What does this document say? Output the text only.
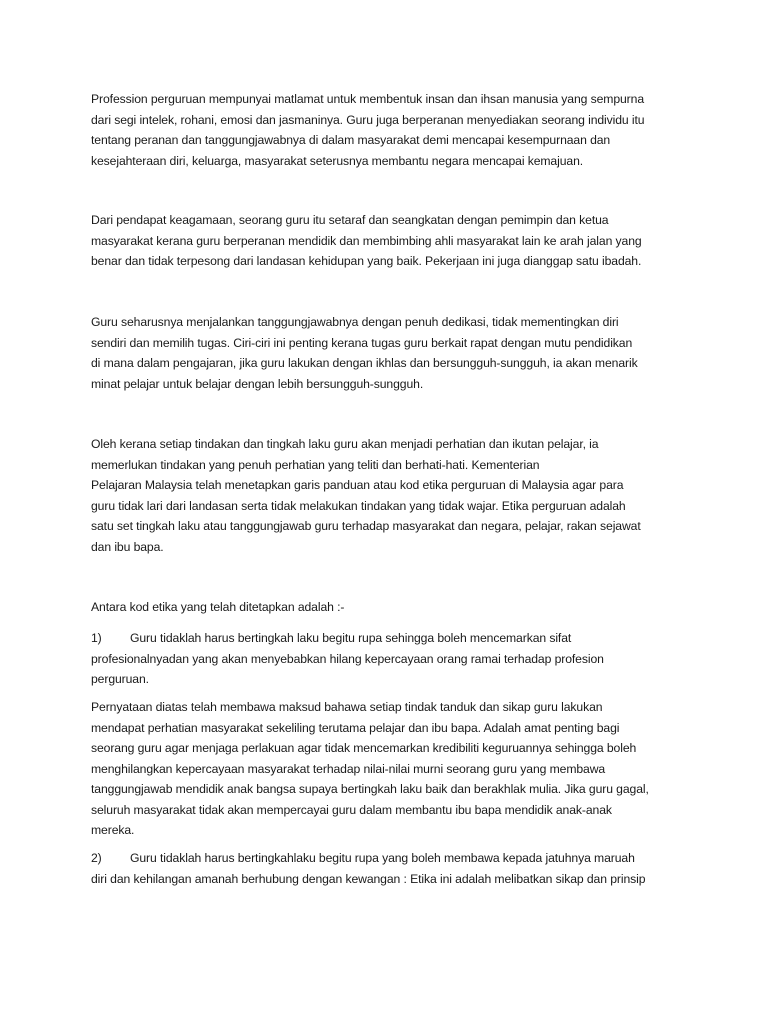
Profession perguruan mempunyai matlamat untuk membentuk insan dan ihsan manusia yang sempurna
dari segi intelek, rohani, emosi dan jasmaninya. Guru juga berperanan menyediakan seorang individu itu
tentang peranan dan tanggungjawabnya di dalam masyarakat demi mencapai kesempurnaan dan
kesejahteraan diri, keluarga, masyarakat seterusnya membantu negara mencapai kemajuan.
Dari pendapat keagamaan, seorang guru itu setaraf dan seangkatan dengan pemimpin dan ketua
masyarakat kerana guru berperanan mendidik dan membimbing ahli masyarakat lain ke arah jalan yang
benar dan tidak terpesong dari landasan kehidupan yang baik. Pekerjaan ini juga dianggap satu ibadah.
Guru seharusnya menjalankan tanggungjawabnya dengan penuh dedikasi, tidak mementingkan diri
sendiri dan memilih tugas. Ciri-ciri ini penting kerana tugas guru berkait rapat dengan mutu pendidikan
di mana dalam pengajaran, jika guru lakukan dengan ikhlas dan bersungguh-sungguh, ia akan menarik
minat pelajar untuk belajar dengan lebih bersungguh-sungguh.
Oleh kerana setiap tindakan dan tingkah laku guru akan menjadi perhatian dan ikutan pelajar, ia
memerlukan tindakan yang penuh perhatian yang teliti dan berhati-hati. Kementerian
Pelajaran Malaysia telah menetapkan garis panduan atau kod etika perguruan di Malaysia agar para
guru tidak lari dari landasan serta tidak melakukan tindakan yang tidak wajar. Etika perguruan adalah
satu set tingkah laku atau tanggungjawab guru terhadap masyarakat dan negara, pelajar, rakan sejawat
dan ibu bapa.
Antara kod etika yang telah ditetapkan adalah :-
1) Guru tidaklah harus bertingkah laku begitu rupa sehingga boleh mencemarkan sifat
profesionalnyadan yang akan menyebabkan hilang kepercayaan orang ramai terhadap profesion
perguruan.
Pernyataan diatas telah membawa maksud bahawa setiap tindak tanduk dan sikap guru lakukan
mendapat perhatian masyarakat sekeliling terutama pelajar dan ibu bapa. Adalah amat penting bagi
seorang guru agar menjaga perlakuan agar tidak mencemarkan kredibiliti keguruannya sehingga boleh
menghilangkan kepercayaan masyarakat terhadap nilai-nilai murni seorang guru yang membawa
tanggungjawab mendidik anak bangsa supaya bertingkah laku baik dan berakhlak mulia. Jika guru gagal,
seluruh masyarakat tidak akan mempercayai guru dalam membantu ibu bapa mendidik anak-anak
mereka.
2) Guru tidaklah harus bertingkahlaku begitu rupa yang boleh membawa kepada jatuhnya maruah
diri dan kehilangan amanah berhubung dengan kewangan : Etika ini adalah melibatkan sikap dan prinsip
